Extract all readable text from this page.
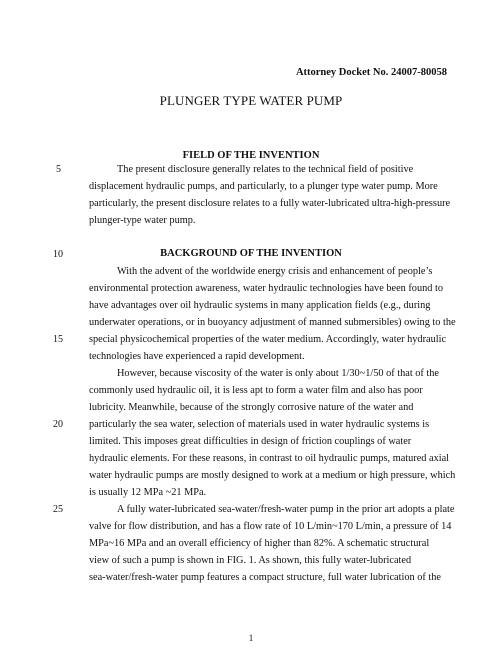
Attorney Docket No. 24007-80058
PLUNGER TYPE WATER PUMP
FIELD OF THE INVENTION
5	The present disclosure generally relates to the technical field of positive
displacement hydraulic pumps, and particularly, to a plunger type water pump. More
particularly, the present disclosure relates to a fully water-lubricated ultra-high-pressure
plunger-type water pump.
10	BACKGROUND OF THE INVENTION
With the advent of the worldwide energy crisis and enhancement of people’s
environmental protection awareness, water hydraulic technologies have been found to
have advantages over oil hydraulic systems in many application fields (e.g., during
underwater operations, or in buoyancy adjustment of manned submersibles) owing to the
15	special physicochemical properties of the water medium. Accordingly, water hydraulic
technologies have experienced a rapid development.
However, because viscosity of the water is only about 1/30~1/50 of that of the
commonly used hydraulic oil, it is less apt to form a water film and also has poor
lubricity. Meanwhile, because of the strongly corrosive nature of the water and
20	particularly the sea water, selection of materials used in water hydraulic systems is
limited. This imposes great difficulties in design of friction couplings of water
hydraulic elements. For these reasons, in contrast to oil hydraulic pumps, matured axial
water hydraulic pumps are mostly designed to work at a medium or high pressure, which
is usually 12 MPa ~21 MPa.
25	A fully water-lubricated sea-water/fresh-water pump in the prior art adopts a plate
valve for flow distribution, and has a flow rate of 10 L/min~170 L/min, a pressure of 14
MPa~16 MPa and an overall efficiency of higher than 82%. A schematic structural
view of such a pump is shown in FIG. 1. As shown, this fully water-lubricated
sea-water/fresh-water pump features a compact structure, full water lubrication of the
1
